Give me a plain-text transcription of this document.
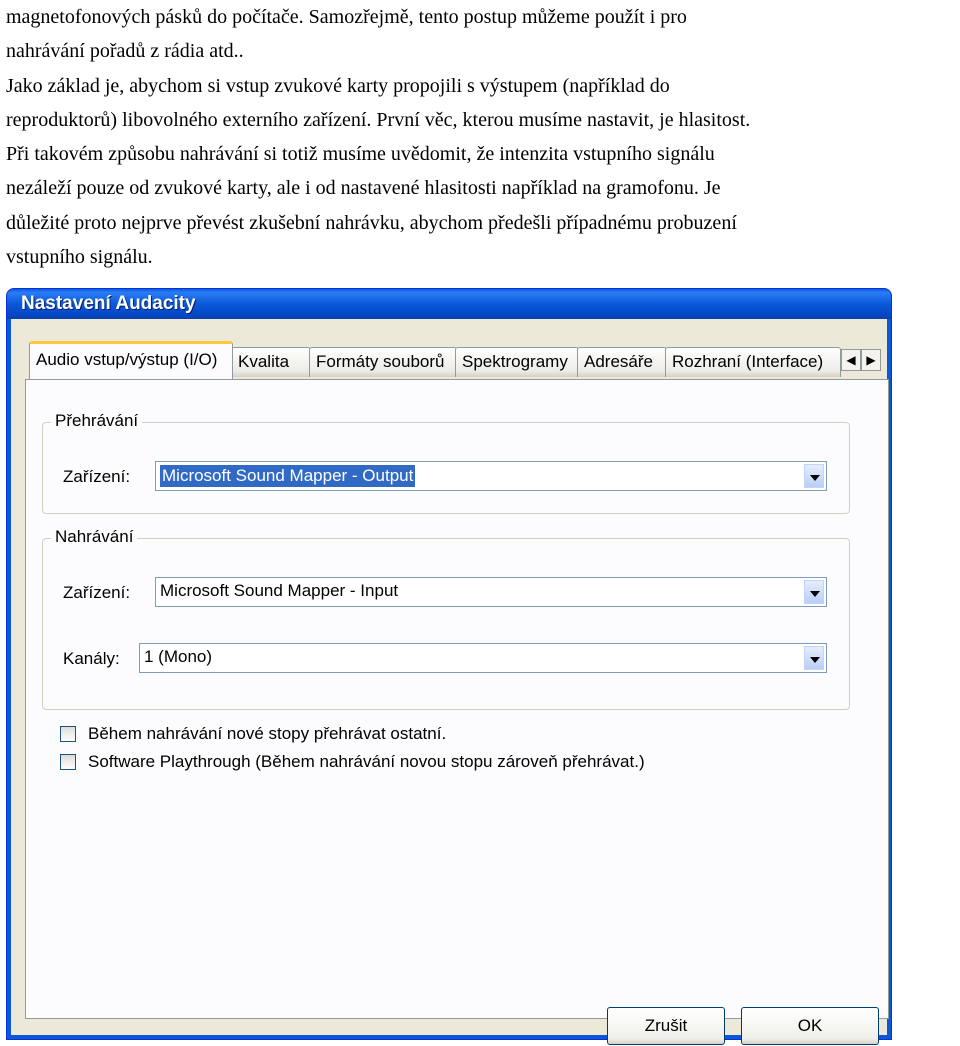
magnetofonových pásků do počítače. Samozřejmě, tento postup můžeme použít i pro

nahrávání pořadů z rádia atd..

Jako základ je, abychom si vstup zvukové karty propojili s výstupem (například do

reproduktorů) libovolného externího zařízení. První věc, kterou musíme nastavit, je hlasitost.

Při takovém způsobu nahrávání si totiž musíme uvědomit, že intenzita vstupního signálu

nezáleží pouze od zvukové karty, ale i od nastavené hlasitosti například na gramofonu. Je

důležité proto nejprve převést zkušební nahrávku, abychom předešli případnému probuzení

vstupního signálu.

Nastavení Audacity
Kvalita	Formáty souborů	Spektrogramy Adresáře	Rozhraní (Interface)
Audio vstup/výstup (I/O)	◀ ▶
Přehrávání
Zařízení: Microsoft Sound Mapper - Output
Nahrávání
Zařízení: Microsoft Sound Mapper - Input
Kanály: 1 (Mono)
Během nahrávání nové stopy přehrávat ostatní.
Software Playthrough (Během nahrávání novou stopu zároveň přehrávat.)
Zrušit	OK
